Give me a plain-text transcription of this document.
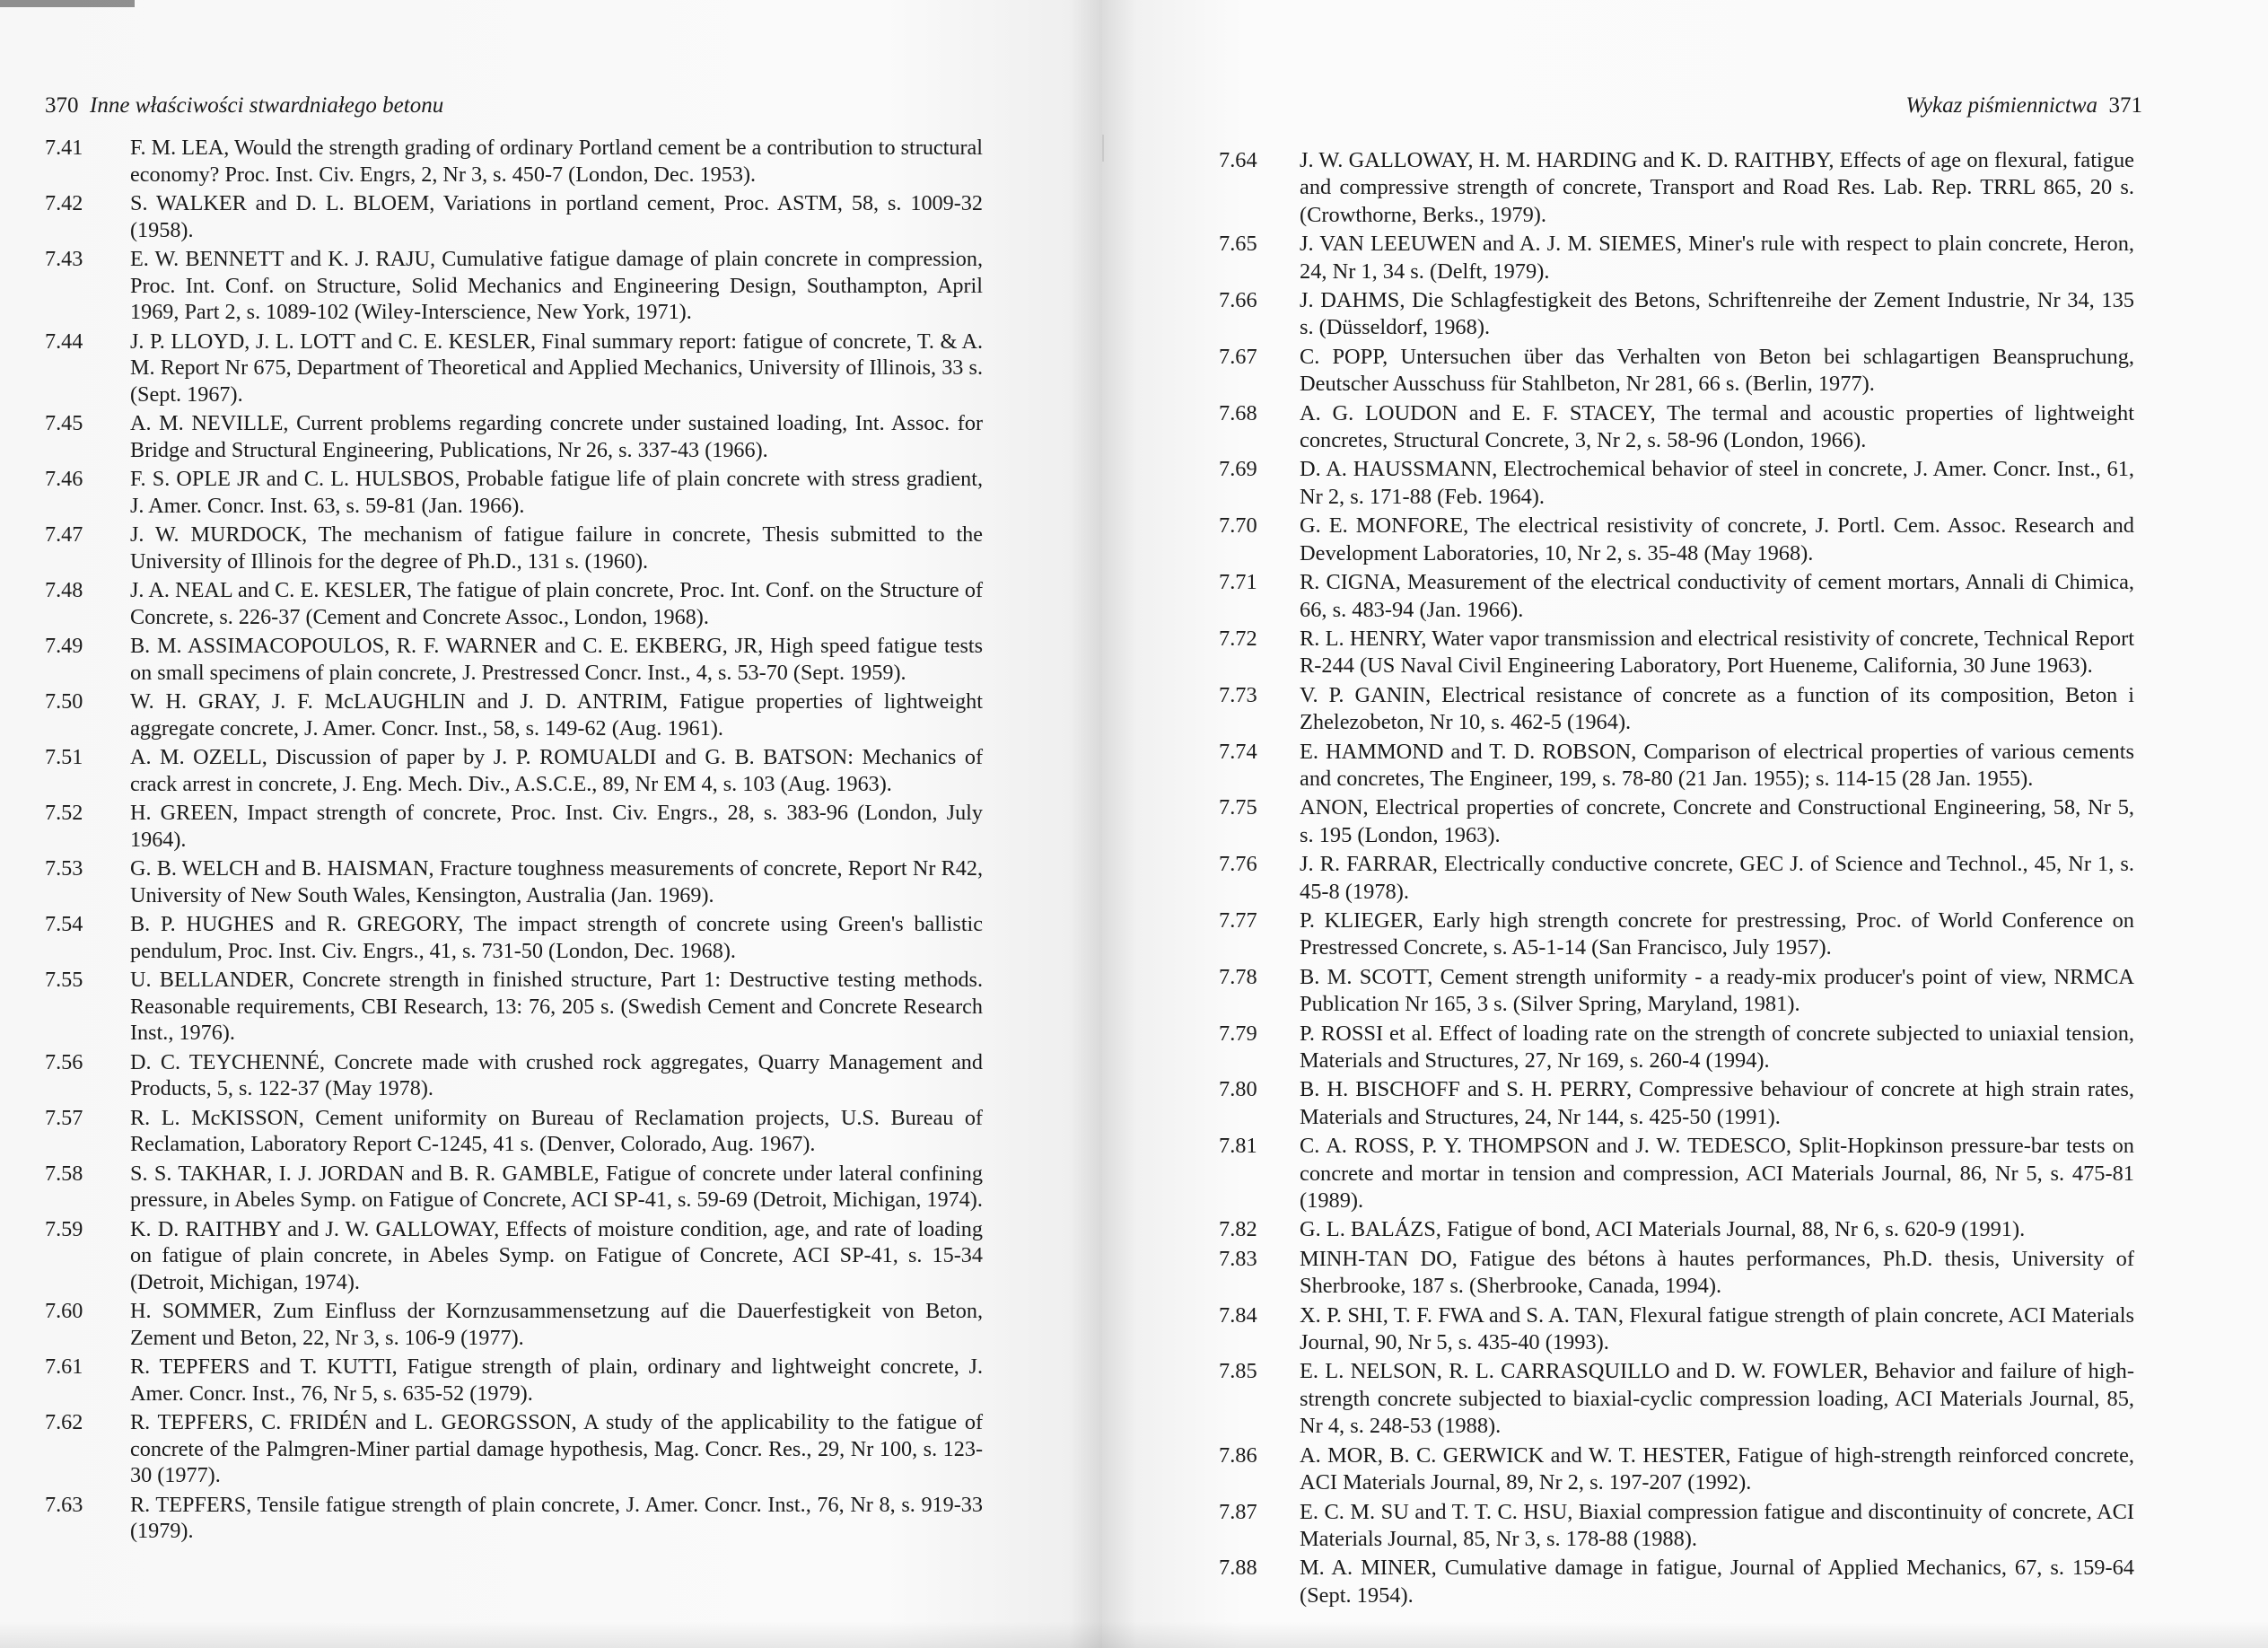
370 Inne właściwości stwardniałego betonu
7.41	F. M. LEA, Would the strength grading of ordinary Portland cement be a contribution to structural economy? Proc. Inst. Civ. Engrs, 2, Nr 3, s. 450-7 (London, Dec. 1953).
7.42	S. WALKER and D. L. BLOEM, Variations in portland cement, Proc. ASTM, 58, s. 1009-32 (1958).
7.43	E. W. BENNETT and K. J. RAJU, Cumulative fatigue damage of plain concrete in compression, Proc. Int. Conf. on Structure, Solid Mechanics and Engineering Design, Southampton, April 1969, Part 2, s. 1089-102 (Wiley-Interscience, New York, 1971).
7.44	J. P. LLOYD, J. L. LOTT and C. E. KESLER, Final summary report: fatigue of concrete, T. & A. M. Report Nr 675, Department of Theoretical and Applied Mechanics, University of Illinois, 33 s. (Sept. 1967).
7.45	A. M. NEVILLE, Current problems regarding concrete under sustained loading, Int. Assoc. for Bridge and Structural Engineering, Publications, Nr 26, s. 337-43 (1966).
7.46	F. S. OPLE JR and C. L. HULSBOS, Probable fatigue life of plain concrete with stress gradient, J. Amer. Concr. Inst. 63, s. 59-81 (Jan. 1966).
7.47	J. W. MURDOCK, The mechanism of fatigue failure in concrete, Thesis submitted to the University of Illinois for the degree of Ph.D., 131 s. (1960).
7.48	J. A. NEAL and C. E. KESLER, The fatigue of plain concrete, Proc. Int. Conf. on the Structure of Concrete, s. 226-37 (Cement and Concrete Assoc., London, 1968).
7.49	B. M. ASSIMACOPOULOS, R. F. WARNER and C. E. EKBERG, JR, High speed fatigue tests on small specimens of plain concrete, J. Prestressed Concr. Inst., 4, s. 53-70 (Sept. 1959).
7.50	W. H. GRAY, J. F. McLAUGHLIN and J. D. ANTRIM, Fatigue properties of lightweight aggregate concrete, J. Amer. Concr. Inst., 58, s. 149-62 (Aug. 1961).
7.51	A. M. OZELL, Discussion of paper by J. P. ROMUALDI and G. B. BATSON: Mechanics of crack arrest in concrete, J. Eng. Mech. Div., A.S.C.E., 89, Nr EM 4, s. 103 (Aug. 1963).
7.52	H. GREEN, Impact strength of concrete, Proc. Inst. Civ. Engrs., 28, s. 383-96 (London, July 1964).
7.53	G. B. WELCH and B. HAISMAN, Fracture toughness measurements of concrete, Report Nr R42, University of New South Wales, Kensington, Australia (Jan. 1969).
7.54	B. P. HUGHES and R. GREGORY, The impact strength of concrete using Green's ballistic pendulum, Proc. Inst. Civ. Engrs., 41, s. 731-50 (London, Dec. 1968).
7.55	U. BELLANDER, Concrete strength in finished structure, Part 1: Destructive testing methods. Reasonable requirements, CBI Research, 13: 76, 205 s. (Swedish Cement and Concrete Research Inst., 1976).
7.56	D. C. TEYCHENNÉ, Concrete made with crushed rock aggregates, Quarry Management and Products, 5, s. 122-37 (May 1978).
7.57	R. L. McKISSON, Cement uniformity on Bureau of Reclamation projects, U.S. Bureau of Reclamation, Laboratory Report C-1245, 41 s. (Denver, Colorado, Aug. 1967).
7.58	S. S. TAKHAR, I. J. JORDAN and B. R. GAMBLE, Fatigue of concrete under lateral confining pressure, in Abeles Symp. on Fatigue of Concrete, ACI SP-41, s. 59-69 (Detroit, Michigan, 1974).
7.59	K. D. RAITHBY and J. W. GALLOWAY, Effects of moisture condition, age, and rate of loading on fatigue of plain concrete, in Abeles Symp. on Fatigue of Concrete, ACI SP-41, s. 15-34 (Detroit, Michigan, 1974).
7.60	H. SOMMER, Zum Einfluss der Kornzusammensetzung auf die Dauerfestigkeit von Beton, Zement und Beton, 22, Nr 3, s. 106-9 (1977).
7.61	R. TEPFERS and T. KUTTI, Fatigue strength of plain, ordinary and lightweight concrete, J. Amer. Concr. Inst., 76, Nr 5, s. 635-52 (1979).
7.62	R. TEPFERS, C. FRIDÉN and L. GEORGSSON, A study of the applicability to the fatigue of concrete of the Palmgren-Miner partial damage hypothesis, Mag. Concr. Res., 29, Nr 100, s. 123-30 (1977).
7.63	R. TEPFERS, Tensile fatigue strength of plain concrete, J. Amer. Concr. Inst., 76, Nr 8, s. 919-33 (1979).
Wykaz piśmiennictwa 371
7.64	J. W. GALLOWAY, H. M. HARDING and K. D. RAITHBY, Effects of age on flexural, fatigue and compressive strength of concrete, Transport and Road Res. Lab. Rep. TRRL 865, 20 s. (Crowthorne, Berks., 1979).
7.65	J. VAN LEEUWEN and A. J. M. SIEMES, Miner's rule with respect to plain concrete, Heron, 24, Nr 1, 34 s. (Delft, 1979).
7.66	J. DAHMS, Die Schlagfestigkeit des Betons, Schriftenreihe der Zement Industrie, Nr 34, 135 s. (Düsseldorf, 1968).
7.67	C. POPP, Untersuchen über das Verhalten von Beton bei schlagartigen Beanspruchung, Deutscher Ausschuss für Stahlbeton, Nr 281, 66 s. (Berlin, 1977).
7.68	A. G. LOUDON and E. F. STACEY, The termal and acoustic properties of lightweight concretes, Structural Concrete, 3, Nr 2, s. 58-96 (London, 1966).
7.69	D. A. HAUSSMANN, Electrochemical behavior of steel in concrete, J. Amer. Concr. Inst., 61, Nr 2, s. 171-88 (Feb. 1964).
7.70	G. E. MONFORE, The electrical resistivity of concrete, J. Portl. Cem. Assoc. Research and Development Laboratories, 10, Nr 2, s. 35-48 (May 1968).
7.71	R. CIGNA, Measurement of the electrical conductivity of cement mortars, Annali di Chimica, 66, s. 483-94 (Jan. 1966).
7.72	R. L. HENRY, Water vapor transmission and electrical resistivity of concrete, Technical Report R-244 (US Naval Civil Engineering Laboratory, Port Hueneme, California, 30 June 1963).
7.73	V. P. GANIN, Electrical resistance of concrete as a function of its composition, Beton i Zhelezobeton, Nr 10, s. 462-5 (1964).
7.74	E. HAMMOND and T. D. ROBSON, Comparison of electrical properties of various cements and concretes, The Engineer, 199, s. 78-80 (21 Jan. 1955); s. 114-15 (28 Jan. 1955).
7.75	ANON, Electrical properties of concrete, Concrete and Constructional Engineering, 58, Nr 5, s. 195 (London, 1963).
7.76	J. R. FARRAR, Electrically conductive concrete, GEC J. of Science and Technol., 45, Nr 1, s. 45-8 (1978).
7.77	P. KLIEGER, Early high strength concrete for prestressing, Proc. of World Conference on Prestressed Concrete, s. A5-1-14 (San Francisco, July 1957).
7.78	B. M. SCOTT, Cement strength uniformity - a ready-mix producer's point of view, NRMCA Publication Nr 165, 3 s. (Silver Spring, Maryland, 1981).
7.79	P. ROSSI et al. Effect of loading rate on the strength of concrete subjected to uniaxial tension, Materials and Structures, 27, Nr 169, s. 260-4 (1994).
7.80	B. H. BISCHOFF and S. H. PERRY, Compressive behaviour of concrete at high strain rates, Materials and Structures, 24, Nr 144, s. 425-50 (1991).
7.81	C. A. ROSS, P. Y. THOMPSON and J. W. TEDESCO, Split-Hopkinson pressure-bar tests on concrete and mortar in tension and compression, ACI Materials Journal, 86, Nr 5, s. 475-81 (1989).
7.82	G. L. BALÁZS, Fatigue of bond, ACI Materials Journal, 88, Nr 6, s. 620-9 (1991).
7.83	MINH-TAN DO, Fatigue des bétons à hautes performances, Ph.D. thesis, University of Sherbrooke, 187 s. (Sherbrooke, Canada, 1994).
7.84	X. P. SHI, T. F. FWA and S. A. TAN, Flexural fatigue strength of plain concrete, ACI Materials Journal, 90, Nr 5, s. 435-40 (1993).
7.85	E. L. NELSON, R. L. CARRASQUILLO and D. W. FOWLER, Behavior and failure of high-strength concrete subjected to biaxial-cyclic compression loading, ACI Materials Journal, 85, Nr 4, s. 248-53 (1988).
7.86	A. MOR, B. C. GERWICK and W. T. HESTER, Fatigue of high-strength reinforced concrete, ACI Materials Journal, 89, Nr 2, s. 197-207 (1992).
7.87	E. C. M. SU and T. T. C. HSU, Biaxial compression fatigue and discontinuity of concrete, ACI Materials Journal, 85, Nr 3, s. 178-88 (1988).
7.88	M. A. MINER, Cumulative damage in fatigue, Journal of Applied Mechanics, 67, s. 159-64 (Sept. 1954).
